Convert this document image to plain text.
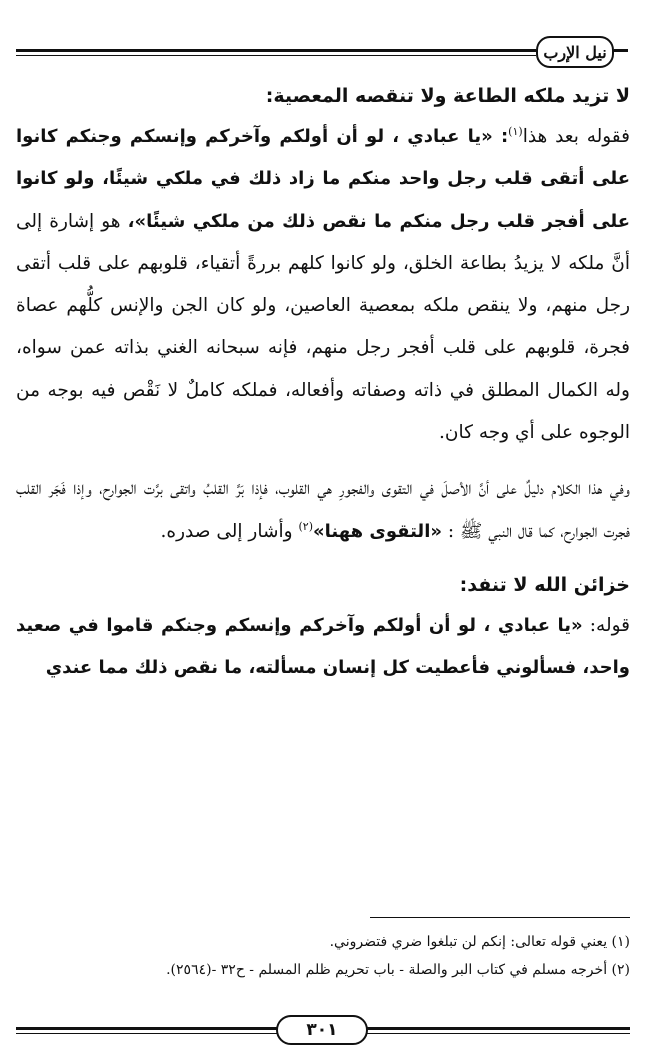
نيل الإرب
لا تزيد ملكه الطاعة ولا تنقصه المعصية:

فقوله بعد هذا$^{(١)}$: «يا عبادي ، لو أن أولكم وآخركم وإنسكم وجنكم كانوا على أتقى قلب رجل واحد منكم ما زاد ذلك في ملكي شيئًا، ولو كانوا على أفجر قلب رجل منكم ما نقص ذلك من ملكي شيئًا»، هو إشارة إلى أنَّ ملكه لا يزيدُ بطاعة الخلق، ولو كانوا كلهم بررةً أتقياء، قلوبهم على قلب أتقى رجل منهم، ولا ينقص ملكه بمعصية العاصين، ولو كان الجن والإنس كلُّهم عصاة فجرة، قلوبهم على قلب أفجر رجل منهم، فإنه سبحانه الغني بذاته عمن سواه، وله الكمال المطلق في ذاته وصفاته وأفعاله، فملكه كاملٌ لا نَقْص فيه بوجه من الوجوه على أي وجه كان.

وفي هذا الكلام دليلٌ على أنَّ الأصلَ في التقوى والفجورِ هي القلوب، فإذا بَرَّ القلبُ واتقى برَّت الجوارح، وإذا فَجَر القلب فجرت الجوارح، كما قال النبي ﷺ : «التقوى ههنا»$^{(٢)}$ وأشار إلى صدره.

خزائن الله لا تنفد:

قوله: «يا عبادي ، لو أن أولكم وآخركم وإنسكم وجنكم قاموا في صعيد واحد، فسألوني فأعطيت كل إنسان مسألته، ما نقص ذلك مما عندي

(١) يعني قوله تعالى: إنكم لن تبلغوا ضري فتضروني.

(٢) أخرجه مسلم في كتاب البر والصلة - باب تحريم ظلم المسلم - ح٣٢ -(٢٥٦٤).

٣٠١
